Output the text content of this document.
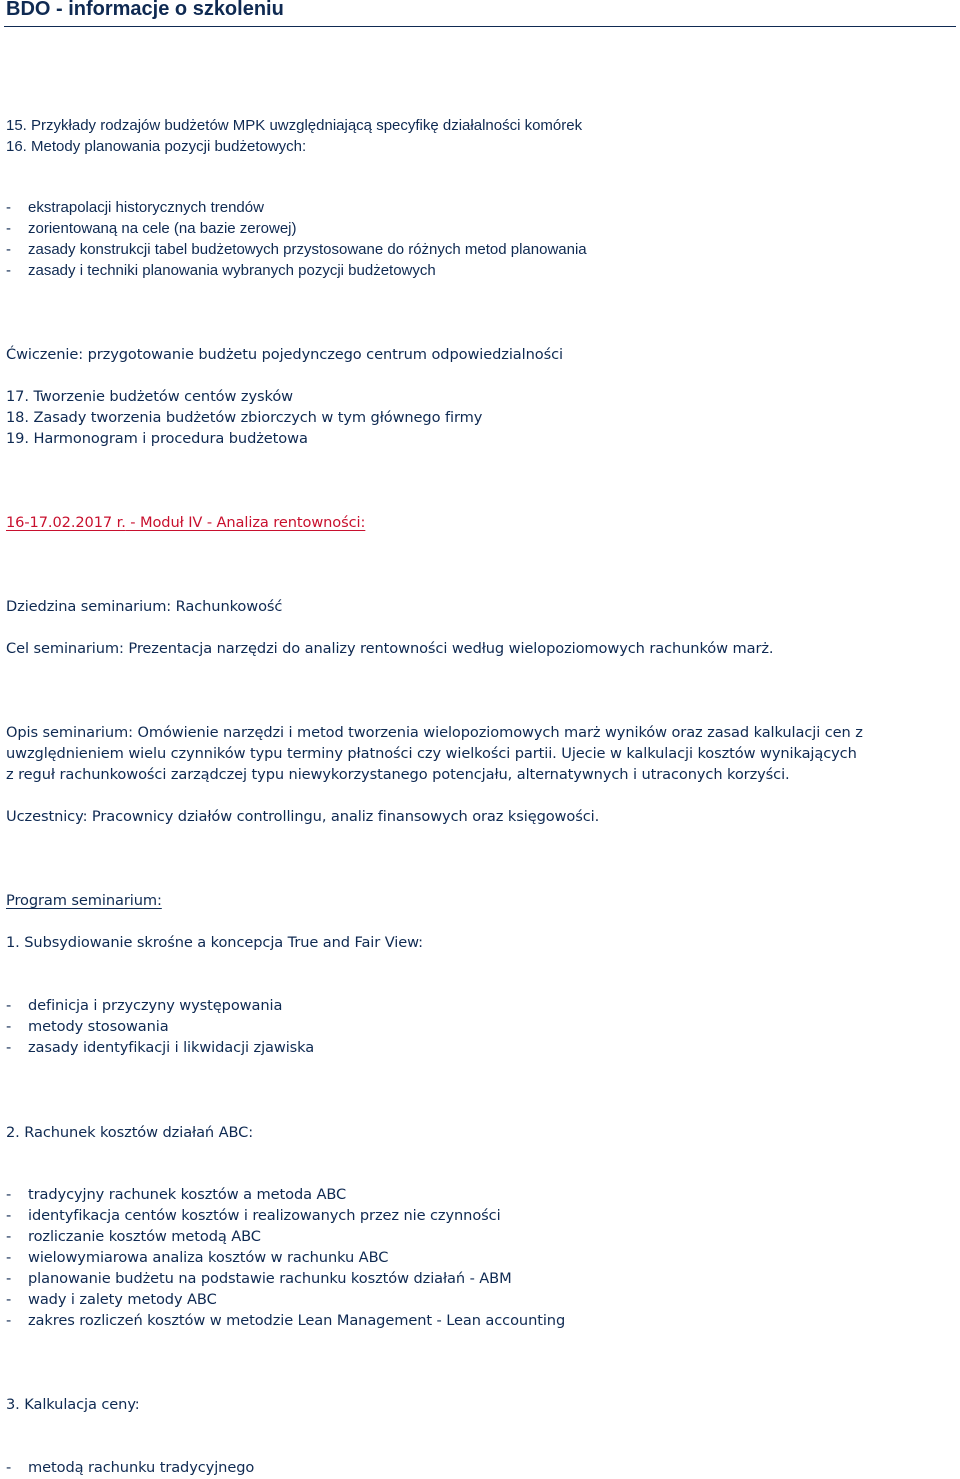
BDO - informacje o szkoleniu
15. Przykłady rodzajów budżetów MPK uwzględniającą specyfikę działalności komórek
16. Metody planowania pozycji budżetowych:
- ekstrapolacji historycznych trendów
- zorientowaną na cele (na bazie zerowej)
- zasady konstrukcji tabel budżetowych przystosowane do różnych metod planowania
- zasady i techniki planowania wybranych pozycji budżetowych
Ćwiczenie: przygotowanie budżetu pojedynczego centrum odpowiedzialności
17. Tworzenie budżetów centów zysków
18. Zasady tworzenia budżetów zbiorczych w tym głównego firmy
19. Harmonogram i procedura budżetowa
16-17.02.2017 r. - Moduł IV - Analiza rentowności:
Dziedzina seminarium: Rachunkowość
Cel seminarium: Prezentacja narzędzi do analizy rentowności według wielopoziomowych rachunków marż.
Opis seminarium: Omówienie narzędzi i metod tworzenia wielopoziomowych marż wyników oraz zasad kalkulacji cen z
uwzględnieniem wielu czynników typu terminy płatności czy wielkości partii. Ujecie w kalkulacji kosztów wynikających
z reguł rachunkowości zarządczej typu niewykorzystanego potencjału, alternatywnych i utraconych korzyści.
Uczestnicy: Pracownicy działów controllingu, analiz finansowych oraz księgowości.
Program seminarium:
1. Subsydiowanie skrośne a koncepcja True and Fair View:
- definicja i przyczyny występowania
- metody stosowania
- zasady identyfikacji i likwidacji zjawiska
2. Rachunek kosztów działań ABC:
- tradycyjny rachunek kosztów a metoda ABC
- identyfikacja centów kosztów i realizowanych przez nie czynności
- rozliczanie kosztów metodą ABC
- wielowymiarowa analiza kosztów w rachunku ABC
- planowanie budżetu na podstawie rachunku kosztów działań - ABM
- wady i zalety metody ABC
- zakres rozliczeń kosztów w metodzie Lean Management - Lean accounting
3. Kalkulacja ceny:
- metodą rachunku tradycyjnego
